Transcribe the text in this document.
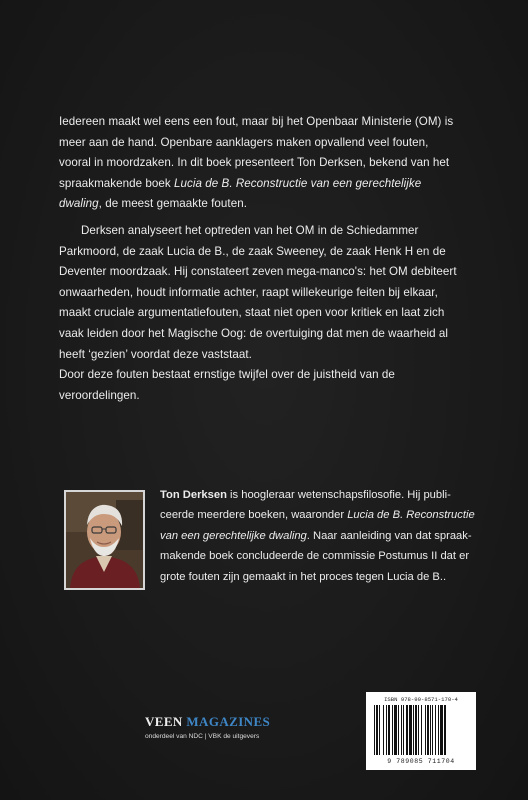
Iedereen maakt wel eens een fout, maar bij het Openbaar Ministerie (OM) is meer aan de hand. Openbare aanklagers maken opvallend veel fouten, vooral in moordzaken. In dit boek presenteert Ton Derksen, bekend van het spraakmakende boek Lucia de B. Reconstructie van een gerechtelijke dwaling, de meest gemaakte fouten.

Derksen analyseert het optreden van het OM in de Schiedammer Parkmoord, de zaak Lucia de B., de zaak Sweeney, de zaak Henk H en de Deventer moordzaak. Hij constateert zeven mega-manco's: het OM debiteert onwaarheden, houdt informatie achter, raapt willekeurige feiten bij elkaar, maakt cruciale argumentatiefouten, staat niet open voor kritiek en laat zich vaak leiden door het Magische Oog: de overtuiging dat men de waarheid al heeft ‘gezien’ voordat deze vaststaat.

Door deze fouten bestaat ernstige twijfel over de juistheid van de veroordelingen.

Ton Derksen is hoogleraar wetenschapsfilosofie. Hij publiceerde meerdere boeken, waaronder Lucia de B. Reconstructie van een gerechtelijke dwaling. Naar aanleiding van dat spraakmakende boek concludeerde de commissie Postumus II dat er grote fouten zijn gemaakt in het proces tegen Lucia de B..

VEEN MAGAZINES
onderdeel van NDC | VBK de uitgevers
ISBN 978-90-8571-170-4
9 789085 711704
